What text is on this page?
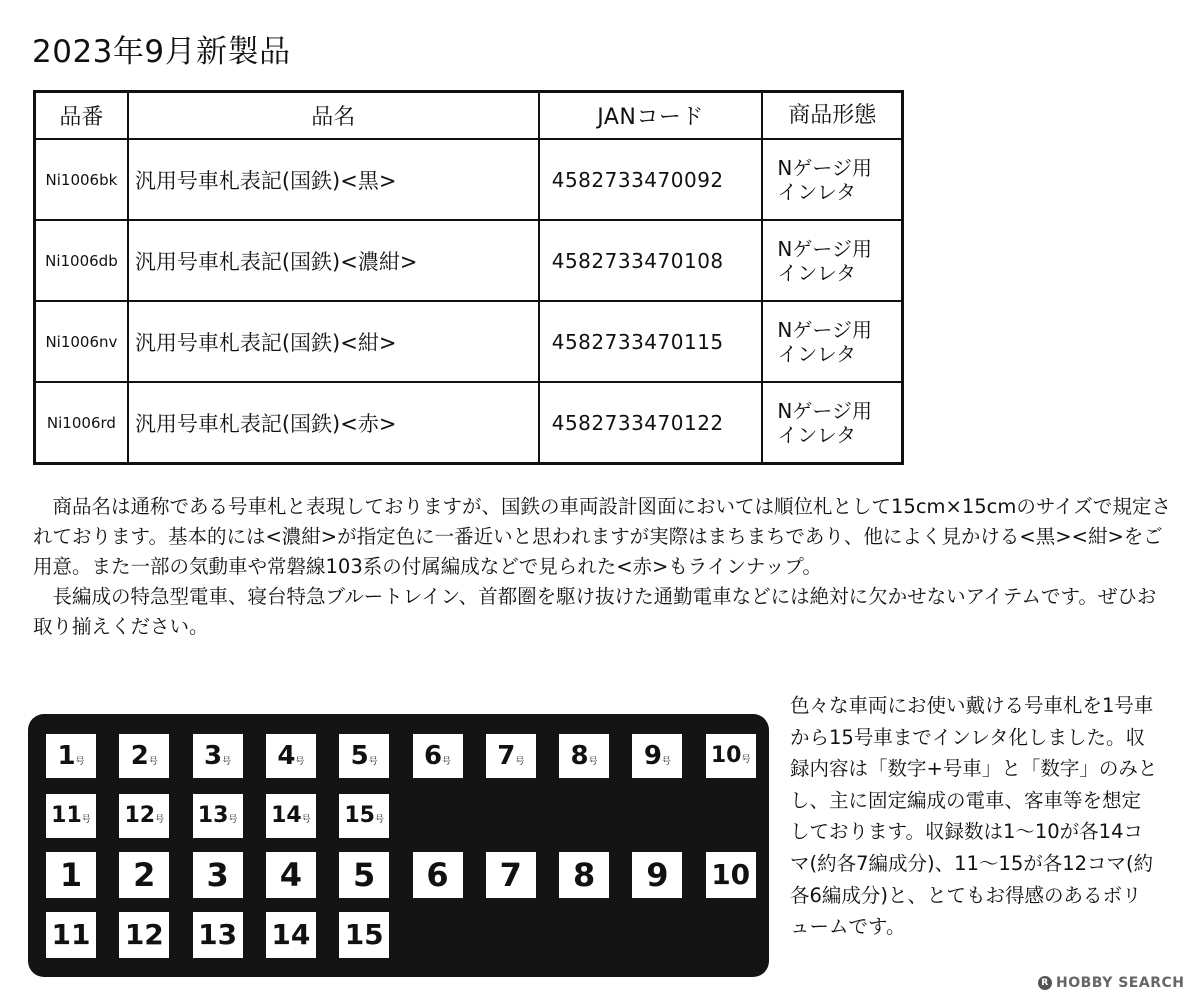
2023年9月新製品
品番	品名	JANコード	商品形態
Ni1006bk	汎用号車札表記(国鉄)<黒>	4582733470092	Nゲージ用
インレタ

Ni1006db	汎用号車札表記(国鉄)<濃紺>	4582733470108	Nゲージ用
インレタ

Ni1006nv	汎用号車札表記(国鉄)<紺>	4582733470115	Nゲージ用
インレタ

Ni1006rd	汎用号車札表記(国鉄)<赤>	4582733470122	Nゲージ用
インレタ

商品名は通称である号車札と表現しておりますが、国鉄の車両設計図面においては順位札として15cm×15cmのサイズで規定されております。基本的には<濃紺>が指定色に一番近いと思われますが実際はまちまちであり、他によく見かける<黒><紺>をご用意。また一部の気動車や常磐線103系の付属編成などで見られた<赤>もラインナップ。

長編成の特急型電車、寝台特急ブルートレイン、首都圏を駆け抜けた通勤電車などには絶対に欠かせないアイテムです。ぜひお取り揃えください。

1号	2号	3号	4号	5号	6号	7号	8号	9号	10号
11号 12号 13号 14号 15号
1	2	3	4	5	6	7	8	9	10
11 12 13 14 15
色々な車両にお使い戴ける号車札を1号車から15号車までインレタ化しました。収録内容は「数字+号車」と「数字」のみとし、主に固定編成の電車、客車等を想定しております。収録数は1〜10が各14コマ(約各7編成分)、11〜15が各12コマ(約各6編成分)と、とてもお得感のあるボリュームです。
R HOBBY SEARCH
